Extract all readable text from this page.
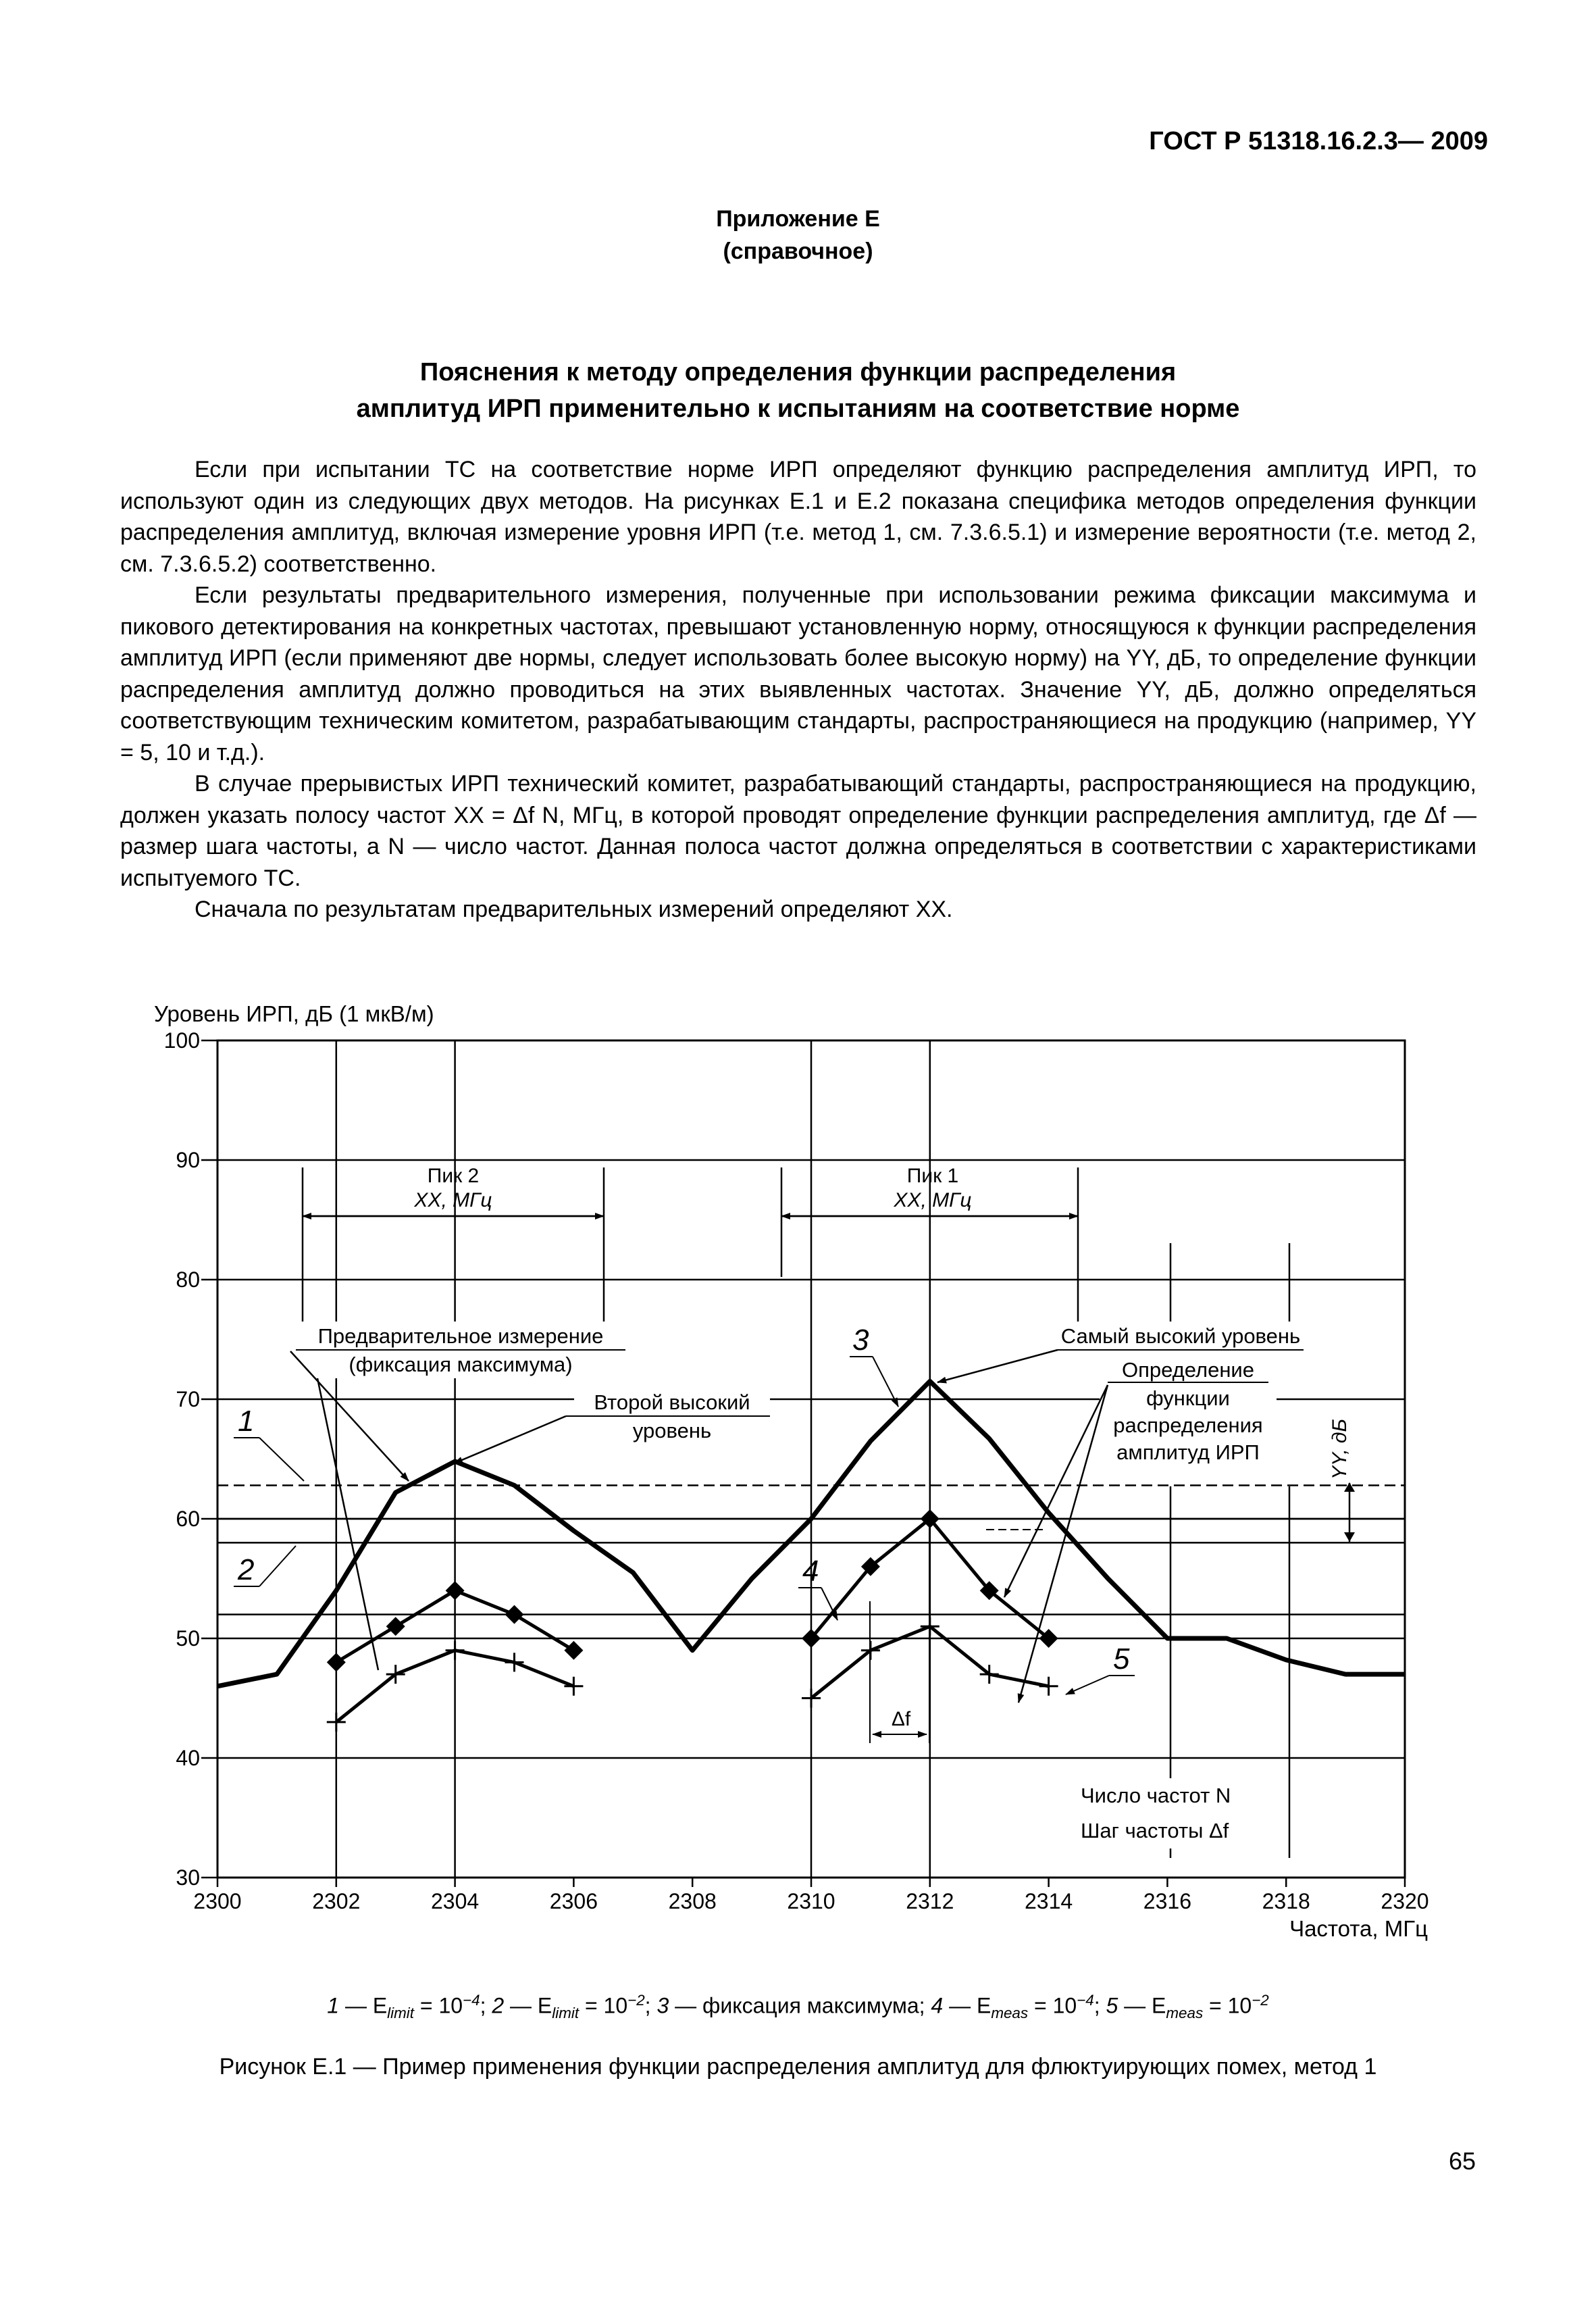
ГОСТ Р 51318.16.2.3— 2009
Приложение Е
(справочное)
Пояснения к методу определения функции распределения
амплитуд ИРП применительно к испытаниям на соответствие норме

Если при испытании ТС на соответствие норме ИРП определяют функцию распределения амплитуд ИРП, то используют один из следующих двух методов. На рисунках Е.1 и Е.2 показана специфика методов определения функции распределения амплитуд, включая измерение уровня ИРП (т.е. метод 1, см. 7.3.6.5.1) и измерение вероятности (т.е. метод 2, см. 7.3.6.5.2) соответственно.

Если результаты предварительного измерения, полученные при использовании режима фиксации максимума и пикового детектирования на конкретных частотах, превышают установленную норму, относящуюся к функции распределения амплитуд ИРП (если применяют две нормы, следует использовать более высокую норму) на YY, дБ, то определение функции распределения амплитуд должно проводиться на этих выявленных частотах. Значение YY, дБ, должно определяться соответствующим техническим комитетом, разрабатывающим стандарты, распространяющиеся на продукцию (например, YY = 5, 10 и т.д.).

В случае прерывистых ИРП технический комитет, разрабатывающий стандарты, распространяющиеся на продукцию, должен указать полосу частот XX = Δf N, МГц, в которой проводят определение функции распределения амплитуд, где Δf — размер шага частоты, а N — число частот. Данная полоса частот должна определяться в соответствии с характеристиками испытуемого ТС.

Сначала по результатам предварительных измерений определяют XX.

Уровень ИРП, дБ (1 мкВ/м)
30
40
50
60
70
80
90
100
2300	2302	2304	2306	2308	2310	2312	2314	2316	2318	2320
Пик 2
XX, МГц
Пик 1
XX, МГц
Предварительное измерение
(фиксация максимума)
Второй высокий
уровень
Самый высокий уровень
Определение
функции
распределения
амплитуд ИРП	YY, дБ
Δf
Число частот N
Шаг частоты Δf
1
2
3
4
5
Частота, МГц
1 — $E_{limit} = 10^{-4}$; 2 — $E_{limit} = 10^{-2}$; 3 — фиксация максимума; 4 — $E_{meas} = 10^{-4}$; 5 — $E_{meas} = 10^{-2}$
Рисунок Е.1 — Пример применения функции распределения амплитуд для флюктуирующих помех, метод 1
65
